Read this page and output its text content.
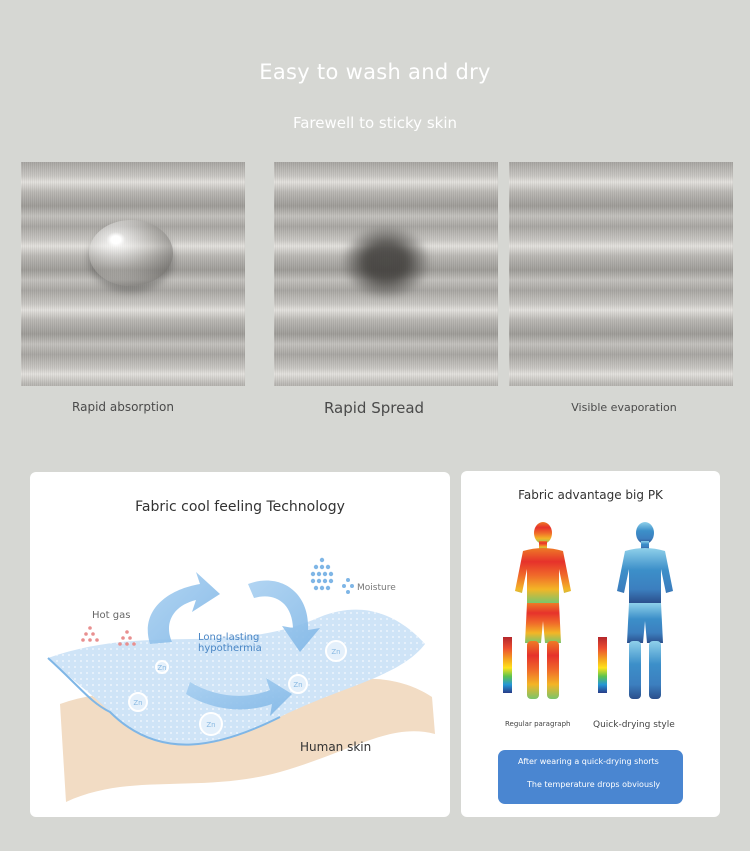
Easy to wash and dry
Farewell to sticky skin
Rapid absorption	Rapid Spread	Visible evaporation
Fabric cool feeling Technology
Zn
Zn
Zn
Zn
Zn
Hot gas
Moisture
Long-lasting hypothermia
Human skin
Fabric advantage big PK
Regular paragraph	Quick-drying style
After wearing a quick-drying shorts
The temperature drops obviously
